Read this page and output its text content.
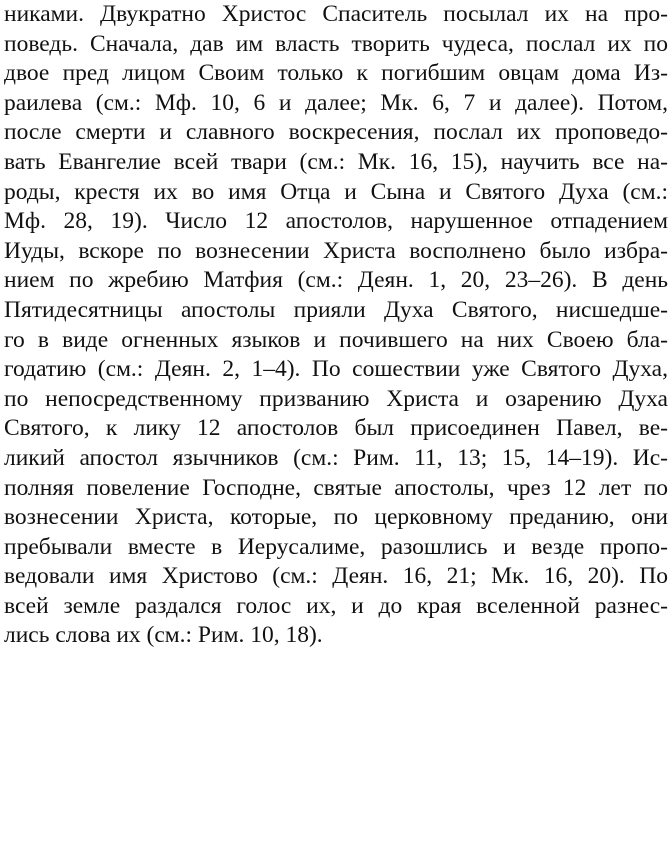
никами. Двукратно Христос Спаситель посылал их на про-
поведь. Сначала, дав им власть творить чудеса, послал их по
двое пред лицом Своим только к погибшим овцам дома Из-
раилева (см.: Мф. 10, 6 и далее; Мк. 6, 7 и далее). Потом,
после смерти и славного воскресения, послал их проповедо-
вать Евангелие всей твари (см.: Мк. 16, 15), научить все на-
роды, крестя их во имя Отца и Сына и Святого Духа (см.:
Мф. 28, 19). Число 12 апостолов, нарушенное отпадением
Иуды, вскоре по вознесении Христа восполнено было избра-
нием по жребию Матфия (см.: Деян. 1, 20, 23–26). В день
Пятидесятницы апостолы прияли Духа Святого, нисшедше-
го в виде огненных языков и почившего на них Своею бла-
годатию (см.: Деян. 2, 1–4). По сошествии уже Святого Духа,
по непосредственному призванию Христа и озарению Духа
Святого, к лику 12 апостолов был присоединен Павел, ве-
ликий апостол язычников (см.: Рим. 11, 13; 15, 14–19). Ис-
полняя повеление Господне, святые апостолы, чрез 12 лет по
вознесении Христа, которые, по церковному преданию, они
пребывали вместе в Иерусалиме, разошлись и везде пропо-
ведовали имя Христово (см.: Деян. 16, 21; Мк. 16, 20). По
всей земле раздался голос их, и до края вселенной разнес-
лись слова их (см.: Рим. 10, 18).
